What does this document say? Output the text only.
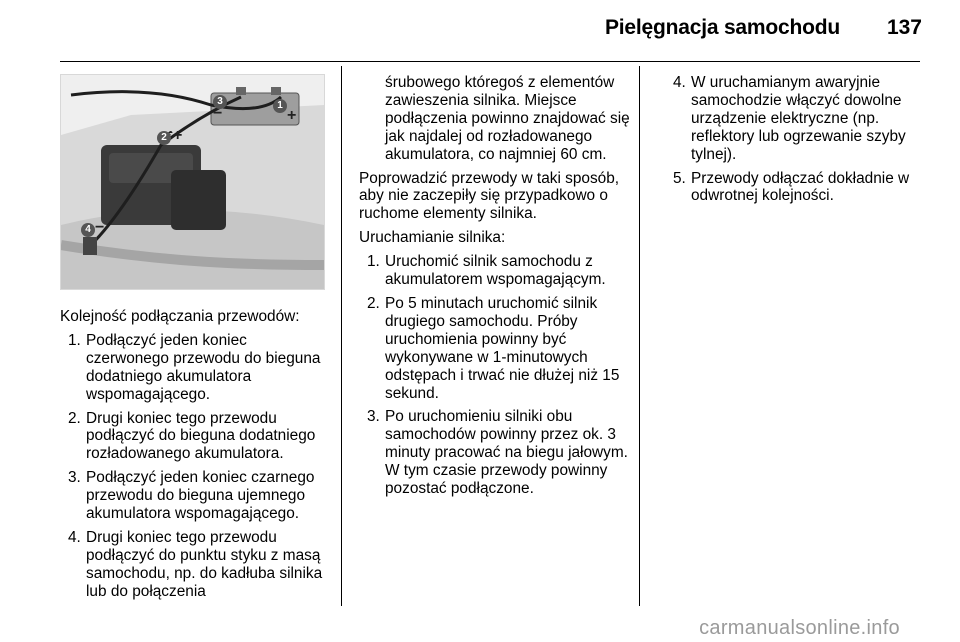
Pielęgnacja samochodu 137
1
+
2 +
3
−
4 −

Kolejność podłączania przewodów:

1. Podłączyć jeden koniec czerwonego przewodu do bieguna dodatniego akumulatora wspomagającego.
2. Drugi koniec tego przewodu podłączyć do bieguna dodatniego rozładowanego akumulatora.
3. Podłączyć jeden koniec czarnego przewodu do bieguna ujemnego akumulatora wspomagającego.
4. Drugi koniec tego przewodu podłączyć do punktu styku z masą samochodu, np. do kadłuba silnika lub do połączenia

śrubowego któregoś z elementów zawieszenia silnika. Miejsce podłączenia powinno znajdować się jak najdalej od rozładowanego akumulatora, co najmniej 60 cm.

Poprowadzić przewody w taki sposób, aby nie zaczepiły się przypadkowo o ruchome elementy silnika.

Uruchamianie silnika:

1. Uruchomić silnik samochodu z akumulatorem wspomagającym.
2. Po 5 minutach uruchomić silnik drugiego samochodu. Próby uruchomienia powinny być wykonywane w 1-minutowych odstępach i trwać nie dłużej niż 15 sekund.
3. Po uruchomieniu silniki obu samochodów powinny przez ok. 3 minuty pracować na biegu jałowym. W tym czasie przewody powinny pozostać podłączone.
4. W uruchamianym awaryjnie samochodzie włączyć dowolne urządzenie elektryczne (np. reflektory lub ogrzewanie szyby tylnej).
5. Przewody odłączać dokładnie w odwrotnej kolejności.
carmanualsonline.info
